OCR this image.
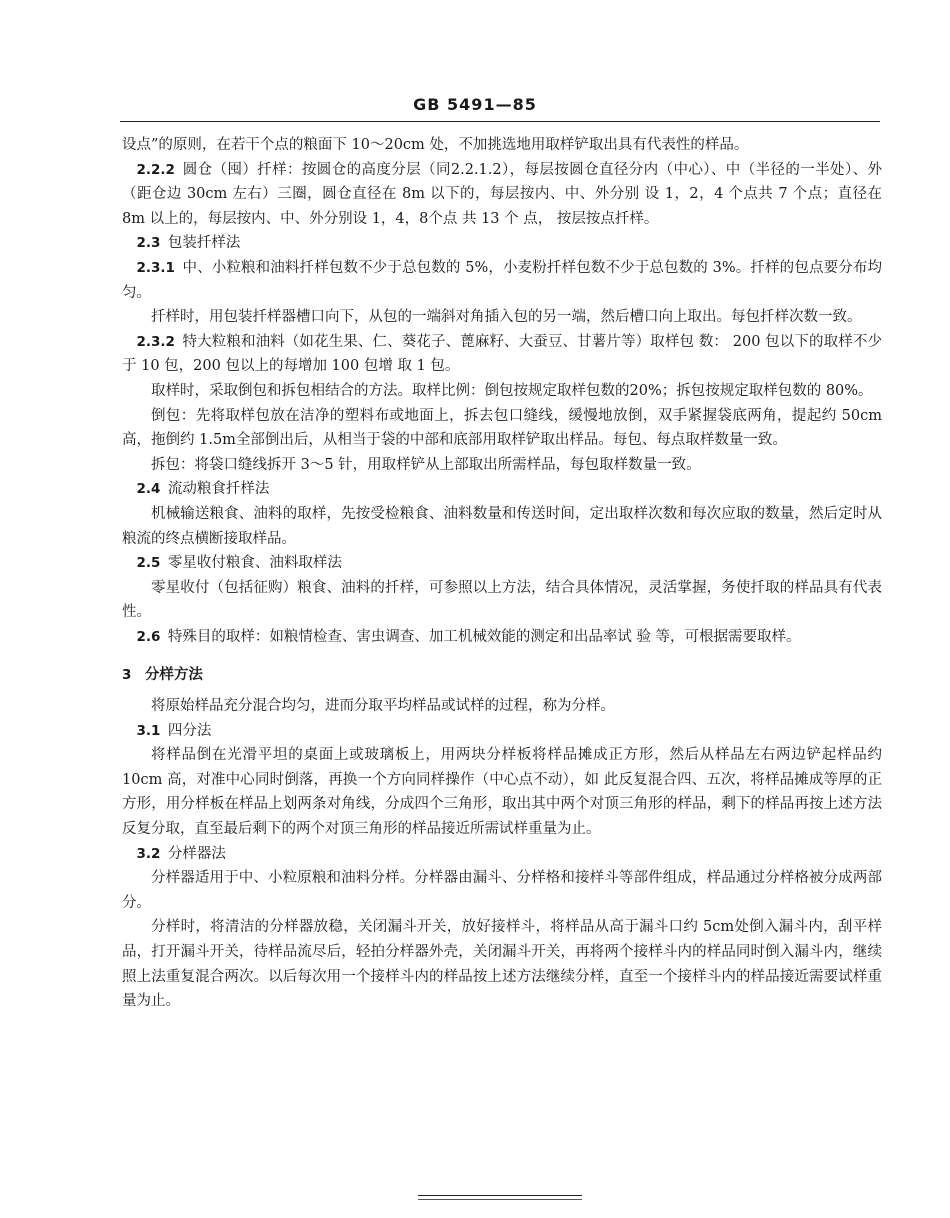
GB 5491—85

设点”的原则，在若干个点的粮面下 10～20cm 处，不加挑选地用取样铲取出具有代表性的样品。

2.2.2 圆仓（囤）扦样：按圆仓的高度分层（同2.2.1.2），每层按圆仓直径分内（中心）、中（半径的一半处）、外（距仓边 30cm 左右）三圈，圆仓直径在 8m 以下的，每层按内、中、外分别 设 1，2，4 个点共 7 个点；直径在 8m 以上的，每层按内、中、外分别设 1，4，8个点 共 13 个 点， 按层按点扦样。

2.3 包装扦样法

2.3.1 中、小粒粮和油料扦样包数不少于总包数的 5%，小麦粉扦样包数不少于总包数的 3%。扦样的包点要分布均匀。

扦样时，用包装扦样器槽口向下，从包的一端斜对角插入包的另一端，然后槽口向上取出。每包扦样次数一致。

2.3.2 特大粒粮和油料（如花生果、仁、葵花子、蓖麻籽、大蚕豆、甘薯片等）取样包 数： 200 包以下的取样不少于 10 包，200 包以上的每增加 100 包增 取 1 包。

取样时，采取倒包和拆包相结合的方法。取样比例：倒包按规定取样包数的20%；拆包按规定取样包数的 80%。

倒包：先将取样包放在洁净的塑料布或地面上，拆去包口缝线，缓慢地放倒，双手紧握袋底两角，提起约 50cm高，拖倒约 1.5m全部倒出后，从相当于袋的中部和底部用取样铲取出样品。每包、每点取样数量一致。

拆包：将袋口缝线拆开 3～5 针，用取样铲从上部取出所需样品，每包取样数量一致。

2.4 流动粮食扦样法

机械输送粮食、油料的取样，先按受检粮食、油料数量和传送时间，定出取样次数和每次应取的数量，然后定时从粮流的终点横断接取样品。

2.5 零星收付粮食、油料取样法

零星收付（包括征购）粮食、油料的扦样，可参照以上方法，结合具体情况，灵活掌握，务使扦取的样品具有代表性。

2.6 特殊目的取样：如粮情检查、害虫调查、加工机械效能的测定和出品率试 验 等，可根据需要取样。

3 分样方法

将原始样品充分混合均匀，进而分取平均样品或试样的过程，称为分样。

3.1 四分法

将样品倒在光滑平坦的桌面上或玻璃板上，用两块分样板将样品摊成正方形，然后从样品左右两边铲起样品约 10cm 高，对准中心同时倒落，再换一个方向同样操作（中心点不动），如 此反复混合四、五次，将样品摊成等厚的正方形，用分样板在样品上划两条对角线，分成四个三角形，取出其中两个对顶三角形的样品，剩下的样品再按上述方法反复分取，直至最后剩下的两个对顶三角形的样品接近所需试样重量为止。

3.2 分样器法

分样器适用于中、小粒原粮和油料分样。分样器由漏斗、分样格和接样斗等部件组成，样品通过分样格被分成两部分。

分样时，将清洁的分样器放稳，关闭漏斗开关，放好接样斗，将样品从高于漏斗口约 5cm处倒入漏斗内，刮平样品，打开漏斗开关，待样品流尽后，轻拍分样器外壳，关闭漏斗开关，再将两个接样斗内的样品同时倒入漏斗内，继续照上法重复混合两次。以后每次用一个接样斗内的样品按上述方法继续分样，直至一个接样斗内的样品接近需要试样重量为止。
